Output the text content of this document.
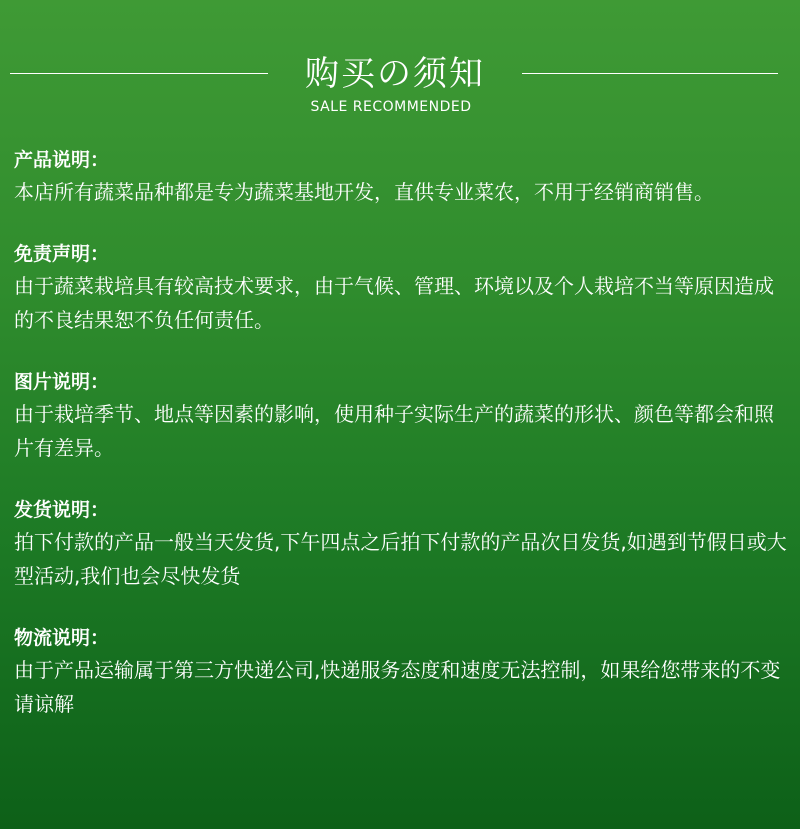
购买の须知
SALE RECOMMENDED

产品说明：

本店所有蔬菜品种都是专为蔬菜基地开发，直供专业菜农，不用于经销商销售。

免责声明：

由于蔬菜栽培具有较高技术要求，由于气候、管理、环境以及个人栽培不当等原因造成的不良结果恕不负任何责任。

图片说明：

由于栽培季节、地点等因素的影响，使用种子实际生产的蔬菜的形状、颜色等都会和照片有差异。

发货说明：

拍下付款的产品一般当天发货,下午四点之后拍下付款的产品次日发货,如遇到节假日或大型活动,我们也会尽快发货

物流说明：

由于产品运输属于第三方快递公司,快递服务态度和速度无法控制，如果给您带来的不变请谅解
